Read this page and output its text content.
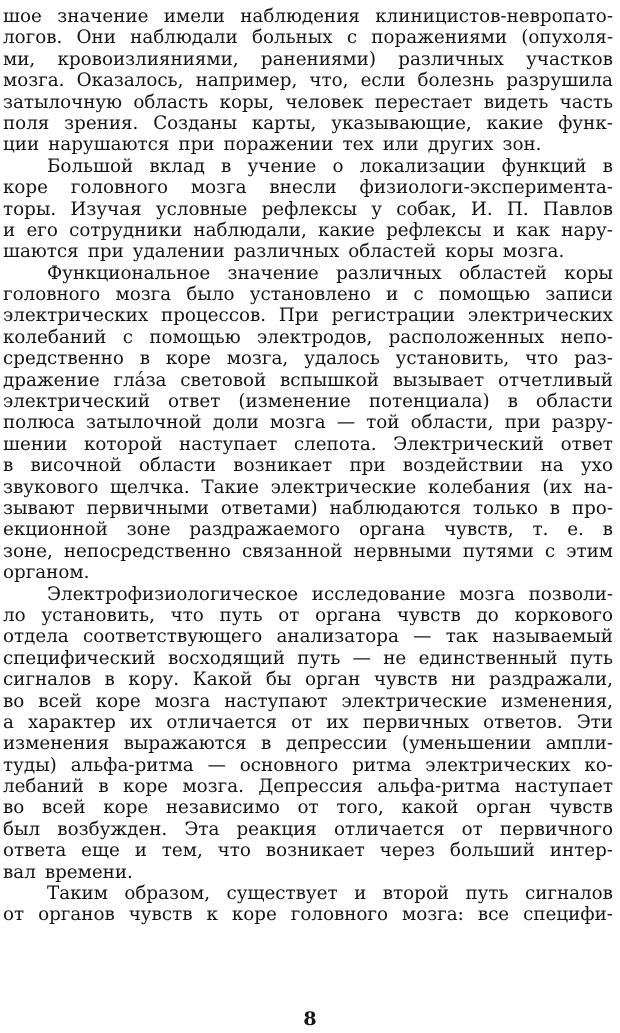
шое значение имели наблюдения клиницистов-невропато-
логов. Они наблюдали больных с поражениями (опухоля-
ми, кровоизлияниями, ранениями) различных участков
мозга. Оказалось, например, что, если болезнь разрушила
затылочную область коры, человек перестает видеть часть
поля зрения. Созданы карты, указывающие, какие функ-
ции нарушаются при поражении тех или других зон.
Большой вклад в учение о локализации функций в
коре головного мозга внесли физиологи-эксперимента-
торы. Изучая условные рефлексы у собак, И. П. Павлов
и его сотрудники наблюдали, какие рефлексы и как нару-
шаются при удалении различных областей коры мозга.
Функциональное значение различных областей коры
головного мозга было установлено и с помощью записи
электрических процессов. При регистрации электрических
колебаний с помощью электродов, расположенных непо-
средственно в коре мозга, удалось установить, что раз-
дражение глáза световой вспышкой вызывает отчетливый
электрический ответ (изменение потенциала) в области
полюса затылочной доли мозга — той области, при разру-
шении которой наступает слепота. Электрический ответ
в височной области возникает при воздействии на ухо
звукового щелчка. Такие электрические колебания (их на-
зывают первичными ответами) наблюдаются только в про-
екционной зоне раздражаемого органа чувств, т. е. в
зоне, непосредственно связанной нервными путями с этим
органом.
Электрофизиологическое исследование мозга позволи-
ло установить, что путь от органа чувств до коркового
отдела соответствующего анализатора — так называемый
специфический восходящий путь — не единственный путь
сигналов в кору. Какой бы орган чувств ни раздражали,
во всей коре мозга наступают электрические изменения,
а характер их отличается от их первичных ответов. Эти
изменения выражаются в депрессии (уменьшении ампли-
туды) альфа-ритма — основного ритма электрических ко-
лебаний в коре мозга. Депрессия альфа-ритма наступает
во всей коре независимо от того, какой орган чувств
был возбужден. Эта реакция отличается от первичного
ответа еще и тем, что возникает через больший интер-
вал времени.
Таким образом, существует и второй путь сигналов
от органов чувств к коре головного мозга: все специфи-
8
